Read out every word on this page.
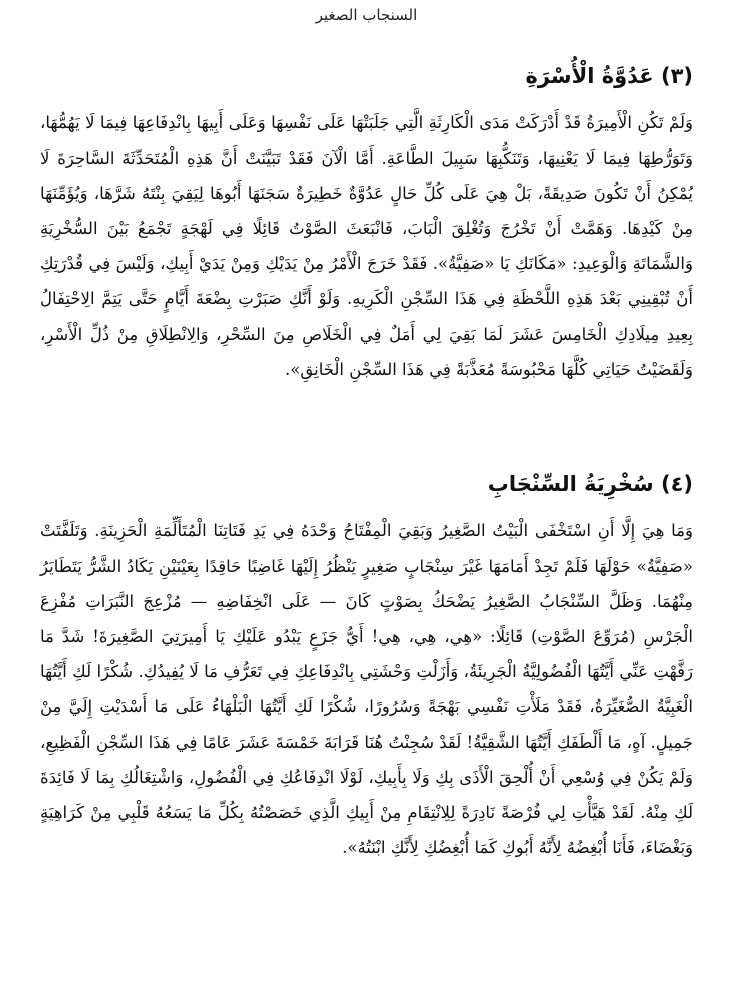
السنجاب الصغير
(٣) عَدُوَّةُ الْأُسْرَةِ

وَلَمْ تَكُنِ الْأَمِيرَةُ قَدْ أَدْرَكَتْ مَدَى الْكَارِثَةِ الَّتِي جَلَبَتْهَا عَلَى نَفْسِهَا وَعَلَى أَبِيهَا بِانْدِفَاعِهَا فِيمَا لَا يَهُمُّهَا، وَتَوَرُّطِهَا فِيمَا لَا يَعْنِيهَا، وَتَنَكُّبِهَا سَبِيلَ الطَّاعَةِ. أَمَّا الْآنَ فَقَدْ تَبَيَّنَتْ أَنَّ هَذِهِ الْمُتَحَدِّثَةَ السَّاحِرَةَ لَا يُمْكِنُ أَنْ تَكُونَ صَدِيقَةً، بَلْ هِيَ عَلَى كُلِّ حَالٍ عَدُوَّةٌ خَطِيرَةٌ سَجَنَهَا أَبُوهَا لِيَقِيَ بِنْتَهُ شَرَّهَا، وَيُؤَمِّنَهَا مِنْ كَيْدِهَا. وَهَمَّتْ أَنْ تَخْرُجَ وَتُغْلِقَ الْبَابَ، فَانْبَعَثَ الصَّوْتُ قَائِلًا فِي لَهْجَةٍ تَجْمَعُ بَيْنَ السُّخْرِيَةِ وَالشَّمَاتَةِ وَالْوَعِيدِ: «مَكَانَكِ يَا «صَفِيَّةُ». فَقَدْ خَرَجَ الْأَمْرُ مِنْ يَدَيْكِ وَمِنْ يَدَيْ أَبِيكِ، وَلَيْسَ فِي قُدْرَتِكِ أَنْ تُبْقِينِي بَعْدَ هَذِهِ اللَّحْظَةِ فِي هَذَا السِّجْنِ الْكَرِيهِ. وَلَوْ أَنَّكِ صَبَرْتِ بِضْعَةَ أَيَّامٍ حَتَّى يَتِمَّ الِاحْتِفَالُ بِعِيدِ مِيلَادِكِ الْخَامِسَ عَشَرَ لَمَا بَقِيَ لِي أَمَلٌ فِي الْخَلَاصِ مِنَ السِّحْرِ، وَالِانْطِلَاقِ مِنْ ذُلِّ الْأَسْرِ، وَلَقَضَيْتُ حَيَاتِي كُلَّهَا مَحْبُوسَةً مُعَذَّبَةً فِي هَذَا السِّجْنِ الْخَانِقِ».

(٤) سُخْرِيَةُ السِّنْجَابِ

وَمَا هِيَ إِلَّا أَنِ اسْتَخْفَى الْبَيْتُ الصَّغِيرُ وَبَقِيَ الْمِفْتَاحُ وَحْدَهُ فِي يَدِ فَتَاتِنَا الْمُتَأَلِّمَةِ الْحَزِينَةِ. وَتَلَفَّتَتْ «صَفِيَّةُ» حَوْلَهَا فَلَمْ تَجِدْ أَمَامَهَا غَيْرَ سِنْجَابٍ صَغِيرٍ يَنْظُرُ إِلَيْهَا غَاضِبًا حَاقِدًا بِعَيْنَيْنِ يَكَادُ الشَّرُّ يَتَطَايَرُ مِنْهُمَا. وَظَلَّ السِّنْجَابُ الصَّغِيرُ يَضْحَكُ بِصَوْتٍ كَانَ — عَلَى انْخِفَاضِهِ — مُزْعِجَ النَّبَرَاتِ مُفْزِعَ الْجَرْسِ (مُرَوِّعَ الصَّوْتِ) قَائِلًا: «هِي، هِي، هِي! أَيُّ جَزَعٍ يَبْدُو عَلَيْكِ يَا أَمِيرَتِيَ الصَّغِيرَةَ! شَدَّ مَا رَفَّهْتِ عَنِّي أَيَّتُهَا الْفُضُولِيَّةُ الْجَرِيئَةُ، وَأَزَلْتِ وَحْشَتِي بِانْدِفَاعِكِ فِي تَعَرُّفِ مَا لَا يُفِيدُكِ. شُكْرًا لَكِ أَيَّتُهَا الْغَبِيَّةُ الصُّغَيِّرَةُ، فَقَدْ مَلَأْتِ نَفْسِي بَهْجَةً وَسُرُورًا، شُكْرًا لَكِ أَيَّتُهَا الْبَلْهَاءُ عَلَى مَا أَسْدَيْتِ إِلَيَّ مِنْ جَمِيلٍ. آهٍ، مَا أَلْطَفَكِ أَيَّتُهَا الشَّقِيَّةُ! لَقَدْ سُجِنْتُ هُنَا قَرَابَةَ خَمْسَةَ عَشَرَ عَامًا فِي هَذَا السِّجْنِ الْفَظِيعِ، وَلَمْ يَكُنْ فِي وُسْعِي أَنْ أُلْحِقَ الْأَذَى بِكِ وَلَا بِأَبِيكِ، لَوْلَا انْدِفَاعُكِ فِي الْفُضُولِ، وَاشْتِغَالُكِ بِمَا لَا فَائِدَةَ لَكِ مِنْهُ. لَقَدْ هَيَّأْتِ لِي فُرْصَةً نَادِرَةً لِلِانْتِقَامِ مِنْ أَبِيكِ الَّذِي خَصَصْتُهُ بِكُلِّ مَا يَسَعُهُ قَلْبِي مِنْ كَرَاهِيَةٍ وَبَغْضَاءَ، فَأَنَا أُبْغِضُهُ لِأَنَّهُ أَبُوكِ كَمَا أُبْغِضُكِ لِأَنَّكِ ابْنَتُهُ».
